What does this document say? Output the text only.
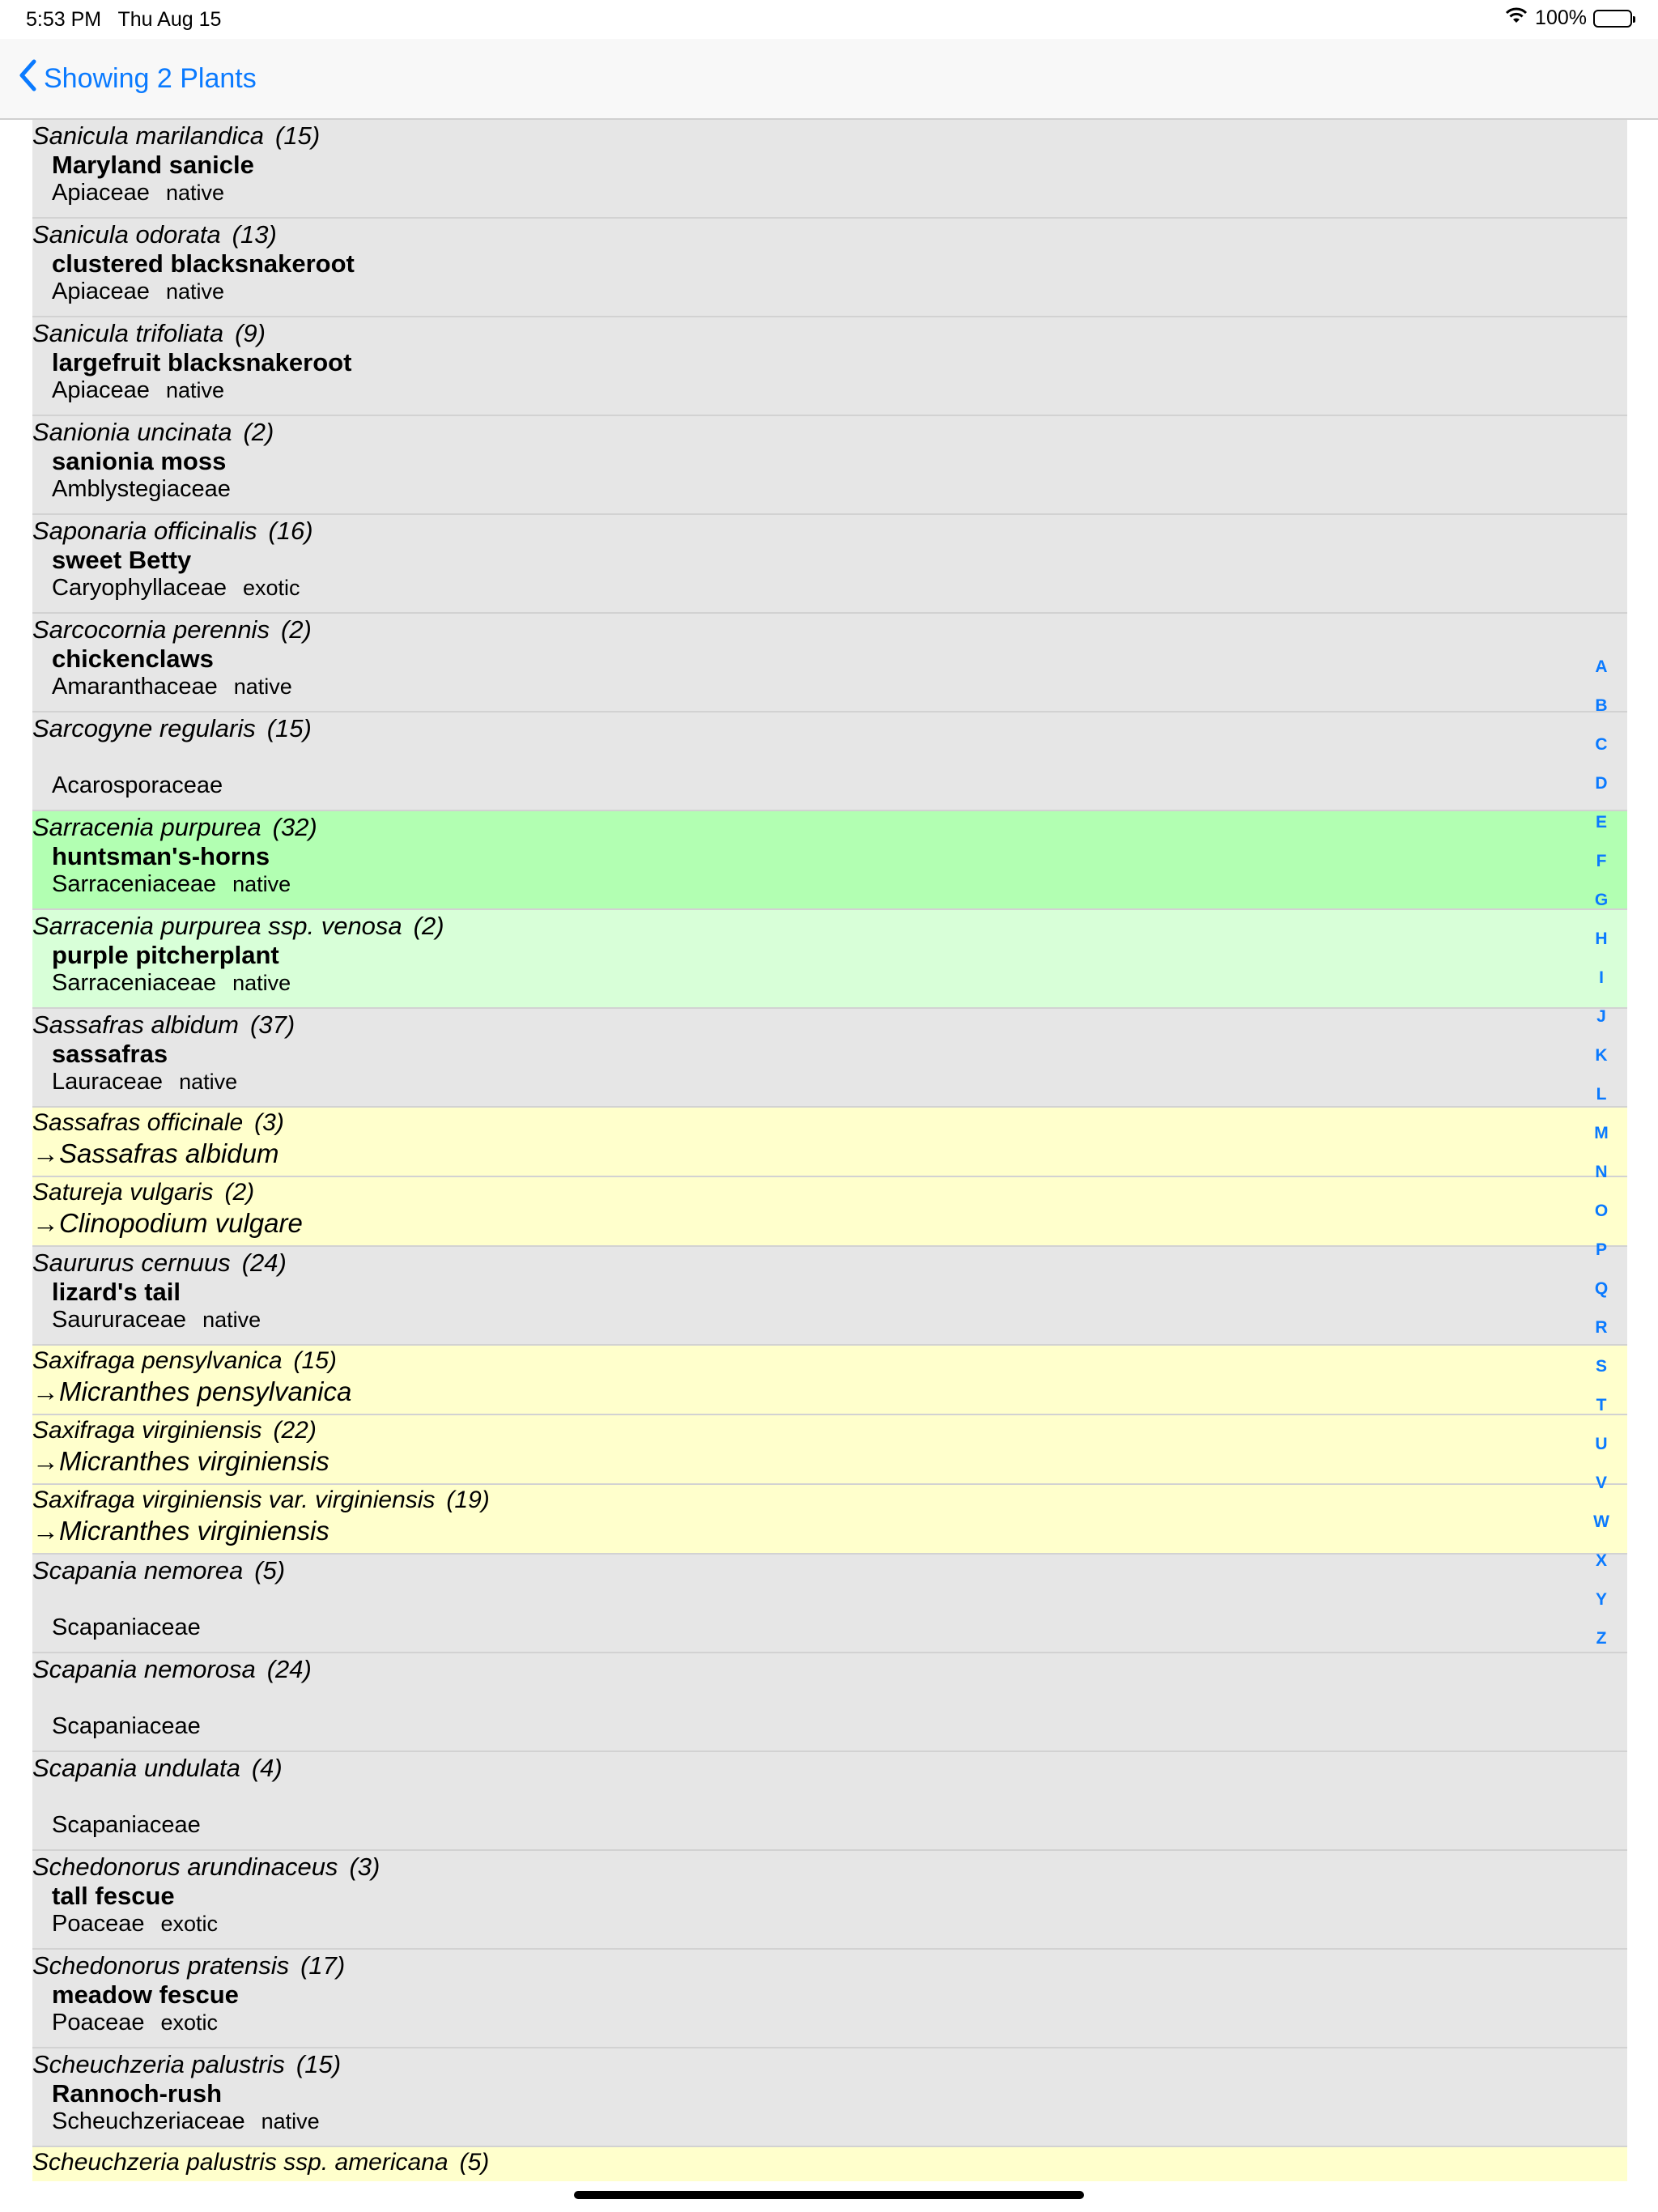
5:53 PM Thu Aug 15	100%
Showing 2 Plants
Sanicula marilandica (15)
Maryland sanicle
Apiaceae native
Sanicula odorata (13)
clustered blacksnakeroot
Apiaceae native
Sanicula trifoliata (9)
largefruit blacksnakeroot
Apiaceae native
Sanionia uncinata (2)
sanionia moss
Amblystegiaceae
Saponaria officinalis (16)
sweet Betty
Caryophyllaceae exotic
Sarcocornia perennis (2)
chickenclaws
Amaranthaceae native
Sarcogyne regularis (15)
Acarosporaceae
Sarracenia purpurea (32)
huntsman's-horns
Sarraceniaceae native
Sarracenia purpurea ssp. venosa (2)
purple pitcherplant
Sarraceniaceae native
Sassafras albidum (37)
sassafras
Lauraceae native
Sassafras officinale (3)
→Sassafras albidum
Satureja vulgaris (2)
→Clinopodium vulgare
Saururus cernuus (24)
lizard's tail
Saururaceae native
Saxifraga pensylvanica (15)
→Micranthes pensylvanica
Saxifraga virginiensis (22)
→Micranthes virginiensis
Saxifraga virginiensis var. virginiensis (19)
→Micranthes virginiensis
Scapania nemorea (5)
Scapaniaceae
Scapania nemorosa (24)
Scapaniaceae
Scapania undulata (4)
Scapaniaceae
Schedonorus arundinaceus (3)
tall fescue
Poaceae exotic
Schedonorus pratensis (17)
meadow fescue
Poaceae exotic
Scheuchzeria palustris (15)
Rannoch-rush
Scheuchzeriaceae native
Scheuchzeria palustris ssp. americana (5)
A
B
C
D
E
F
G
H
I
J
K
L
M
N
O
P
Q
R
S
T
U
V
W
X
Y
Z
